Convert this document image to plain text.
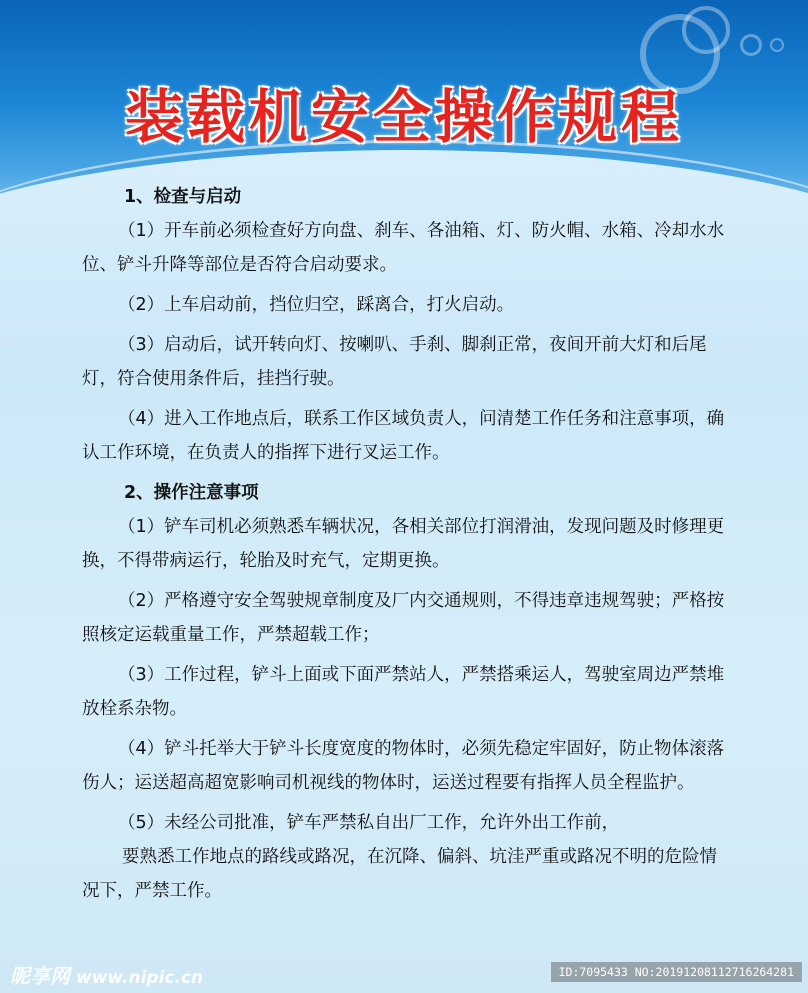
装载机安全操作规程

1、检查与启动

（1）开车前必须检查好方向盘、刹车、各油箱、灯、防火帽、水箱、冷却水水位、铲斗升降等部位是否符合启动要求。

（2）上车启动前，挡位归空，踩离合，打火启动。

（3）启动后，试开转向灯、按喇叭、手刹、脚刹正常，夜间开前大灯和后尾灯，符合使用条件后，挂挡行驶。

（4）进入工作地点后，联系工作区域负责人，问清楚工作任务和注意事项，确认工作环境，在负责人的指挥下进行叉运工作。

2、操作注意事项

（1）铲车司机必须熟悉车辆状况，各相关部位打润滑油，发现问题及时修理更换，不得带病运行，轮胎及时充气，定期更换。

（2）严格遵守安全驾驶规章制度及厂内交通规则，不得违章违规驾驶；严格按照核定运载重量工作，严禁超载工作；

（3）工作过程，铲斗上面或下面严禁站人，严禁搭乘运人，驾驶室周边严禁堆放栓系杂物。

（4）铲斗托举大于铲斗长度宽度的物体时，必须先稳定牢固好，防止物体滚落伤人；运送超高超宽影响司机视线的物体时，运送过程要有指挥人员全程监护。

（5）未经公司批准，铲车严禁私自出厂工作，允许外出工作前，

要熟悉工作地点的路线或路况，在沉降、偏斜、坑洼严重或路况不明的危险情况下，严禁工作。

昵享网 www.nipic.cn	ID:7095433 NO:20191208112716264281
